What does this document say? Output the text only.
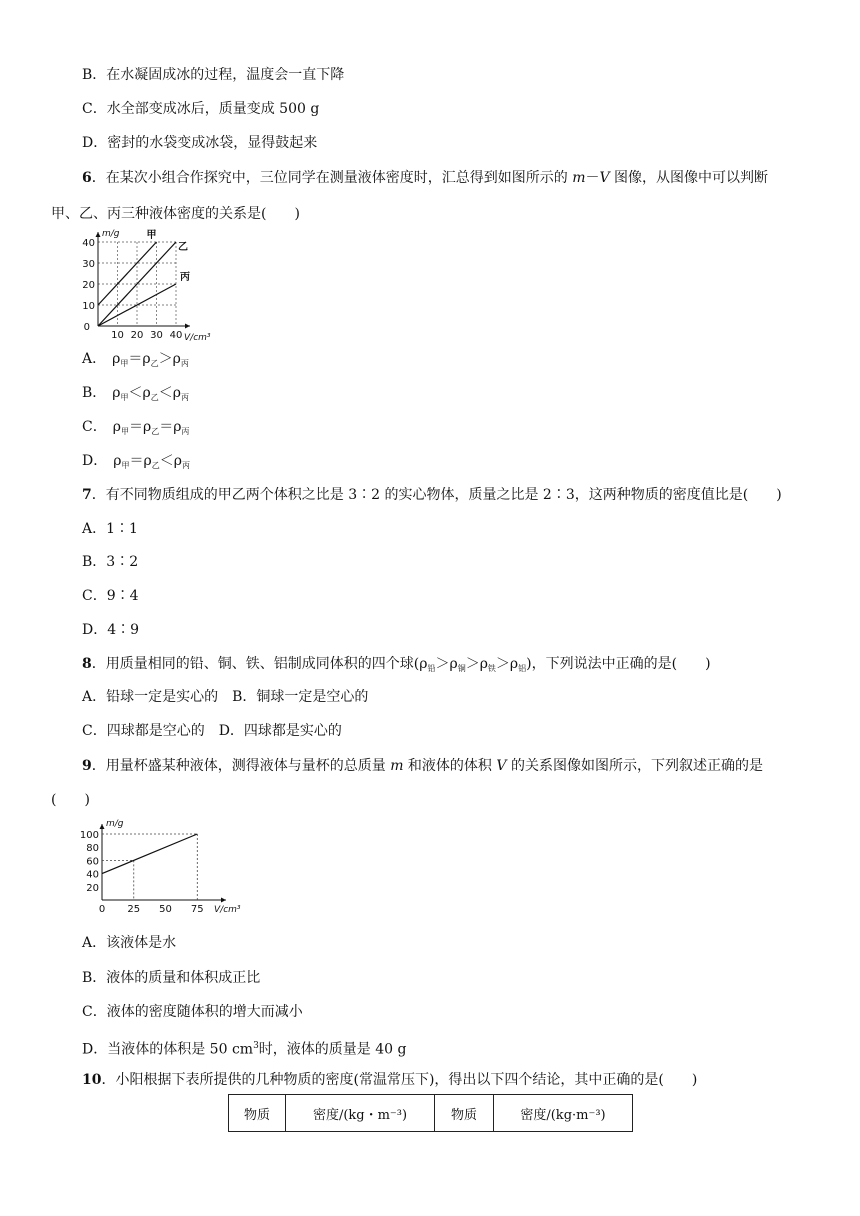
B．在水凝固成冰的过程，温度会一直下降
C．水全部变成冰后，质量变成 500 g
D．密封的水袋变成冰袋，显得鼓起来
6．在某次小组合作探究中，三位同学在测量液体密度时，汇总得到如图所示的 m－V 图像，从图像中可以判断
甲、乙、丙三种液体密度的关系是(　　)
甲
乙
丙
10 20 30 40
10
20
30
40
0
m/g
V/cm³
A． $\rho_甲=\rho_乙>\rho_丙$
B． $\rho_甲<\rho_乙<\rho_丙$
C． $\rho_甲=\rho_乙=\rho_丙$
D． $\rho_甲=\rho_乙<\rho_丙$
7．有不同物质组成的甲乙两个体积之比是 3∶2 的实心物体，质量之比是 2∶3，这两种物质的密度值比是(　　)
A．1∶1
B．3∶2
C．9∶4
D．4∶9
8．用质量相同的铅、铜、铁、铝制成同体积的四个球$(\rho_铅>\rho_铜>\rho_铁>\rho_铝)$，下列说法中正确的是(　　)
A．铅球一定是实心的　B．铜球一定是空心的
C．四球都是空心的　D．四球都是实心的
9．用量杯盛某种液体，测得液体与量杯的总质量 m 和液体的体积 V 的关系图像如图所示，下列叙述正确的是
(　　)
0 25 50 75
20
40
60
80
100
m/g
V/cm³
A．该液体是水
B．液体的质量和体积成正比
C．液体的密度随体积的增大而减小
D．当液体的体积是 50 $cm^3$时，液体的质量是 40 g
10．小阳根据下表所提供的几种物质的密度(常温常压下)，得出以下四个结论，其中正确的是(　　)
物质	密度/(kg・m⁻³)	物质	密度/(kg·m⁻³)
